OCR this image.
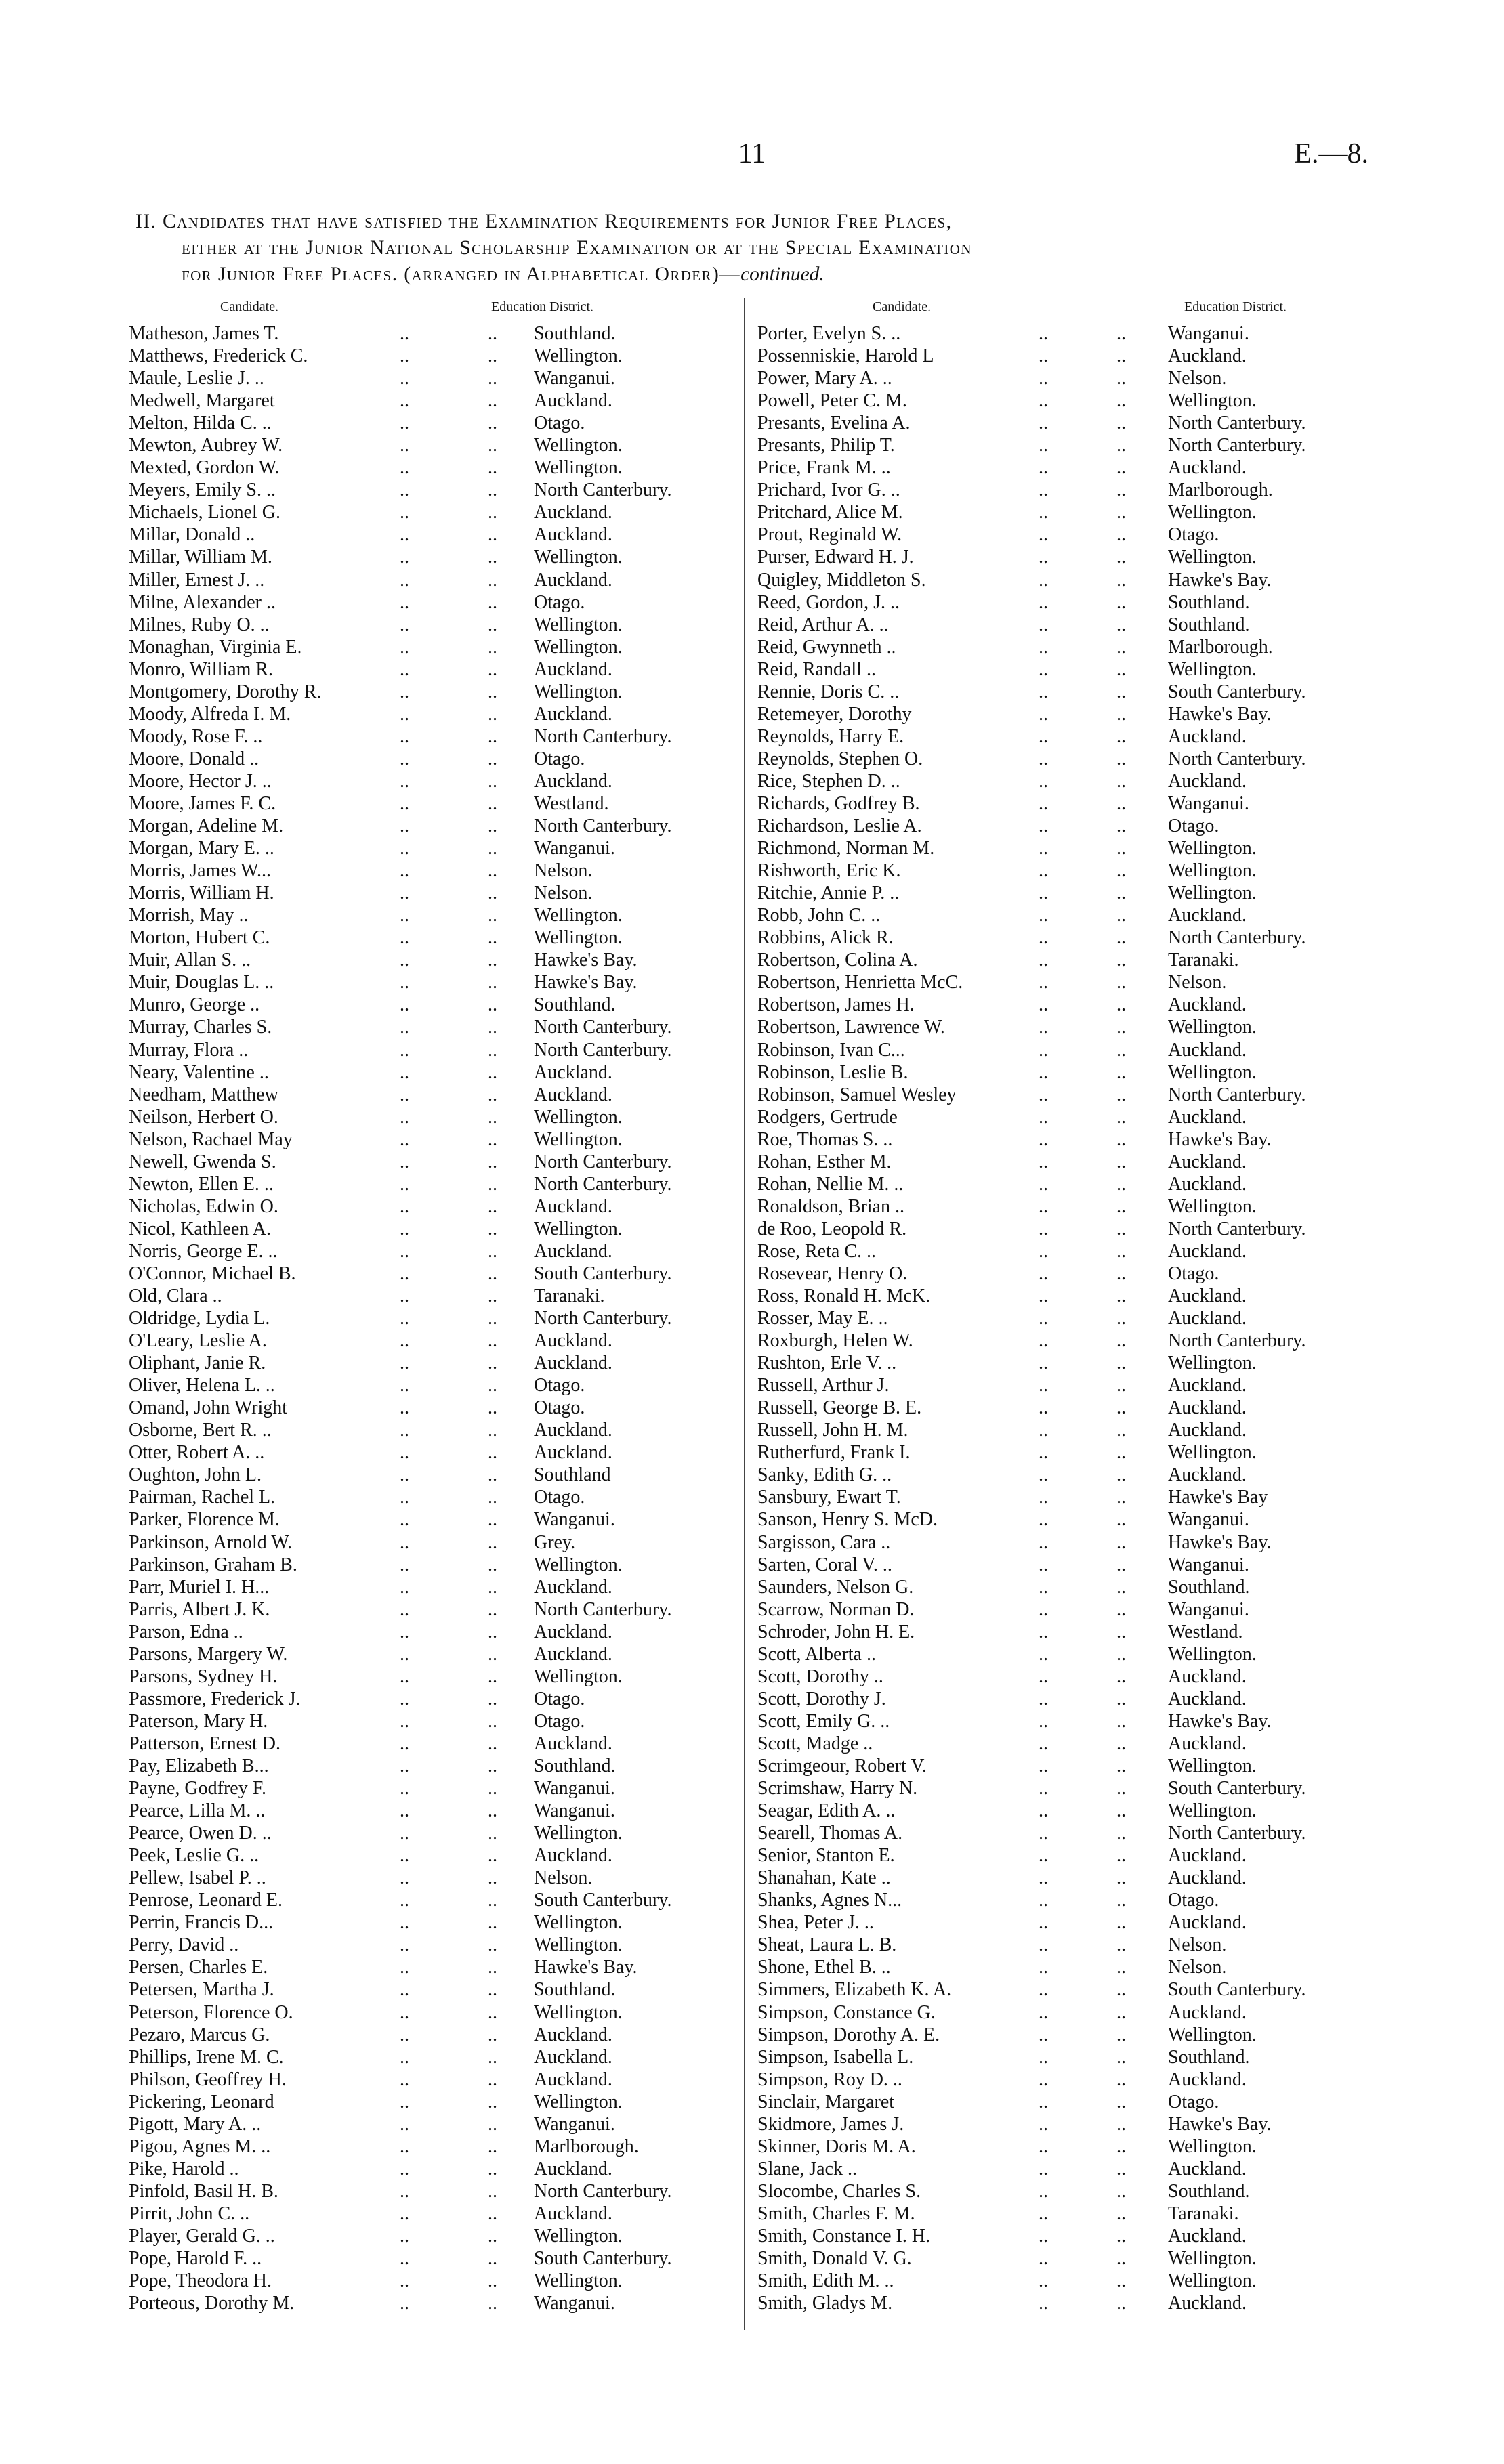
11	E.—8.
II. Candidates that have satisfied the Examination Requirements for Junior Free Places,
either at the Junior National Scholarship Examination or at the Special Examination
for Junior Free Places. (arranged in Alphabetical Order)—continued.
Candidate.	Education District.
Matheson, James T.	..	.. Southland.
Matthews, Frederick C.	..	.. Wellington.
Maule, Leslie J. ..	..	.. Wanganui.
Medwell, Margaret	..	.. Auckland.
Melton, Hilda C. ..	..	.. Otago.
Mewton, Aubrey W.	..	.. Wellington.
Mexted, Gordon W.	..	.. Wellington.
Meyers, Emily S. ..	..	.. North Canterbury.
Michaels, Lionel G.	..	.. Auckland.
Millar, Donald ..	..	.. Auckland.
Millar, William M.	..	.. Wellington.
Miller, Ernest J. ..	..	.. Auckland.
Milne, Alexander ..	..	.. Otago.
Milnes, Ruby O. ..	..	.. Wellington.
Monaghan, Virginia E.	..	.. Wellington.
Monro, William R.	..	.. Auckland.
Montgomery, Dorothy R.	..	.. Wellington.
Moody, Alfreda I. M.	..	.. Auckland.
Moody, Rose F. ..	..	.. North Canterbury.
Moore, Donald ..	..	.. Otago.
Moore, Hector J. ..	..	.. Auckland.
Moore, James F. C.	..	.. Westland.
Morgan, Adeline M.	..	.. North Canterbury.
Morgan, Mary E. ..	..	.. Wanganui.
Morris, James W...	..	.. Nelson.
Morris, William H.	..	.. Nelson.
Morrish, May ..	..	.. Wellington.
Morton, Hubert C.	..	.. Wellington.
Muir, Allan S. ..	..	.. Hawke's Bay.
Muir, Douglas L. ..	..	.. Hawke's Bay.
Munro, George ..	..	.. Southland.
Murray, Charles S.	..	.. North Canterbury.
Murray, Flora ..	..	.. North Canterbury.
Neary, Valentine ..	..	.. Auckland.
Needham, Matthew	..	.. Auckland.
Neilson, Herbert O.	..	.. Wellington.
Nelson, Rachael May	..	.. Wellington.
Newell, Gwenda S.	..	.. North Canterbury.
Newton, Ellen E. ..	..	.. North Canterbury.
Nicholas, Edwin O.	..	.. Auckland.
Nicol, Kathleen A.	..	.. Wellington.
Norris, George E. ..	..	.. Auckland.
O'Connor, Michael B.	..	.. South Canterbury.
Old, Clara ..	..	.. Taranaki.
Oldridge, Lydia L.	..	.. North Canterbury.
O'Leary, Leslie A.	..	.. Auckland.
Oliphant, Janie R.	..	.. Auckland.
Oliver, Helena L. ..	..	.. Otago.
Omand, John Wright	..	.. Otago.
Osborne, Bert R. ..	..	.. Auckland.
Otter, Robert A. ..	..	.. Auckland.
Oughton, John L.	..	.. Southland
Pairman, Rachel L.	..	.. Otago.
Parker, Florence M.	..	.. Wanganui.
Parkinson, Arnold W.	..	.. Grey.
Parkinson, Graham B.	..	.. Wellington.
Parr, Muriel I. H...	..	.. Auckland.
Parris, Albert J. K.	..	.. North Canterbury.
Parson, Edna ..	..	.. Auckland.
Parsons, Margery W.	..	.. Auckland.
Parsons, Sydney H.	..	.. Wellington.
Passmore, Frederick J.	..	.. Otago.
Paterson, Mary H.	..	.. Otago.
Patterson, Ernest D.	..	.. Auckland.
Pay, Elizabeth B...	..	.. Southland.
Payne, Godfrey F.	..	.. Wanganui.
Pearce, Lilla M. ..	..	.. Wanganui.
Pearce, Owen D. ..	..	.. Wellington.
Peek, Leslie G. ..	..	.. Auckland.
Pellew, Isabel P. ..	..	.. Nelson.
Penrose, Leonard E.	..	.. South Canterbury.
Perrin, Francis D...	..	.. Wellington.
Perry, David ..	..	.. Wellington.
Persen, Charles E.	..	.. Hawke's Bay.
Petersen, Martha J.	..	.. Southland.
Peterson, Florence O.	..	.. Wellington.
Pezaro, Marcus G.	..	.. Auckland.
Phillips, Irene M. C.	..	.. Auckland.
Philson, Geoffrey H.	..	.. Auckland.
Pickering, Leonard	..	.. Wellington.
Pigott, Mary A. ..	..	.. Wanganui.
Pigou, Agnes M. ..	..	.. Marlborough.
Pike, Harold ..	..	.. Auckland.
Pinfold, Basil H. B.	..	.. North Canterbury.
Pirrit, John C. ..	..	.. Auckland.
Player, Gerald G. ..	..	.. Wellington.
Pope, Harold F. ..	..	.. South Canterbury.
Pope, Theodora H.	..	.. Wellington.
Porteous, Dorothy M.	..	.. Wanganui.
Candidate.	Education District.
Porter, Evelyn S. ..	..	.. Wanganui.
Possenniskie, Harold L	..	.. Auckland.
Power, Mary A. ..	..	.. Nelson.
Powell, Peter C. M.	..	.. Wellington.
Presants, Evelina A.	..	.. North Canterbury.
Presants, Philip T.	..	.. North Canterbury.
Price, Frank M. ..	..	.. Auckland.
Prichard, Ivor G. ..	..	.. Marlborough.
Pritchard, Alice M.	..	.. Wellington.
Prout, Reginald W.	..	.. Otago.
Purser, Edward H. J.	..	.. Wellington.
Quigley, Middleton S.	..	.. Hawke's Bay.
Reed, Gordon, J. ..	..	.. Southland.
Reid, Arthur A. ..	..	.. Southland.
Reid, Gwynneth ..	..	.. Marlborough.
Reid, Randall ..	..	.. Wellington.
Rennie, Doris C. ..	..	.. South Canterbury.
Retemeyer, Dorothy	..	.. Hawke's Bay.
Reynolds, Harry E.	..	.. Auckland.
Reynolds, Stephen O.	..	.. North Canterbury.
Rice, Stephen D. ..	..	.. Auckland.
Richards, Godfrey B.	..	.. Wanganui.
Richardson, Leslie A.	..	.. Otago.
Richmond, Norman M.	..	.. Wellington.
Rishworth, Eric K.	..	.. Wellington.
Ritchie, Annie P. ..	..	.. Wellington.
Robb, John C. ..	..	.. Auckland.
Robbins, Alick R.	..	.. North Canterbury.
Robertson, Colina A.	..	.. Taranaki.
Robertson, Henrietta McC.	..	.. Nelson.
Robertson, James H.	..	.. Auckland.
Robertson, Lawrence W.	..	.. Wellington.
Robinson, Ivan C...	..	.. Auckland.
Robinson, Leslie B.	..	.. Wellington.
Robinson, Samuel Wesley	..	.. North Canterbury.
Rodgers, Gertrude	..	.. Auckland.
Roe, Thomas S. ..	..	.. Hawke's Bay.
Rohan, Esther M.	..	.. Auckland.
Rohan, Nellie M. ..	..	.. Auckland.
Ronaldson, Brian ..	..	.. Wellington.
de Roo, Leopold R.	..	.. North Canterbury.
Rose, Reta C. ..	..	.. Auckland.
Rosevear, Henry O.	..	.. Otago.
Ross, Ronald H. McK.	..	.. Auckland.
Rosser, May E. ..	..	.. Auckland.
Roxburgh, Helen W.	..	.. North Canterbury.
Rushton, Erle V. ..	..	.. Wellington.
Russell, Arthur J.	..	.. Auckland.
Russell, George B. E.	..	.. Auckland.
Russell, John H. M.	..	.. Auckland.
Rutherfurd, Frank I.	..	.. Wellington.
Sanky, Edith G. ..	..	.. Auckland.
Sansbury, Ewart T.	..	.. Hawke's Bay
Sanson, Henry S. McD.	..	.. Wanganui.
Sargisson, Cara ..	..	.. Hawke's Bay.
Sarten, Coral V. ..	..	.. Wanganui.
Saunders, Nelson G.	..	.. Southland.
Scarrow, Norman D.	..	.. Wanganui.
Schroder, John H. E.	..	.. Westland.
Scott, Alberta ..	..	.. Wellington.
Scott, Dorothy ..	..	.. Auckland.
Scott, Dorothy J.	..	.. Auckland.
Scott, Emily G. ..	..	.. Hawke's Bay.
Scott, Madge ..	..	.. Auckland.
Scrimgeour, Robert V.	..	.. Wellington.
Scrimshaw, Harry N.	..	.. South Canterbury.
Seagar, Edith A. ..	..	.. Wellington.
Searell, Thomas A.	..	.. North Canterbury.
Senior, Stanton E.	..	.. Auckland.
Shanahan, Kate ..	..	.. Auckland.
Shanks, Agnes N...	..	.. Otago.
Shea, Peter J. ..	..	.. Auckland.
Sheat, Laura L. B.	..	.. Nelson.
Shone, Ethel B. ..	..	.. Nelson.
Simmers, Elizabeth K. A.	..	.. South Canterbury.
Simpson, Constance G.	..	.. Auckland.
Simpson, Dorothy A. E.	..	.. Wellington.
Simpson, Isabella L.	..	.. Southland.
Simpson, Roy D. ..	..	.. Auckland.
Sinclair, Margaret	..	.. Otago.
Skidmore, James J.	..	.. Hawke's Bay.
Skinner, Doris M. A.	..	.. Wellington.
Slane, Jack ..	..	.. Auckland.
Slocombe, Charles S.	..	.. Southland.
Smith, Charles F. M.	..	.. Taranaki.
Smith, Constance I. H.	..	.. Auckland.
Smith, Donald V. G.	..	.. Wellington.
Smith, Edith M. ..	..	.. Wellington.
Smith, Gladys M.	..	.. Auckland.
